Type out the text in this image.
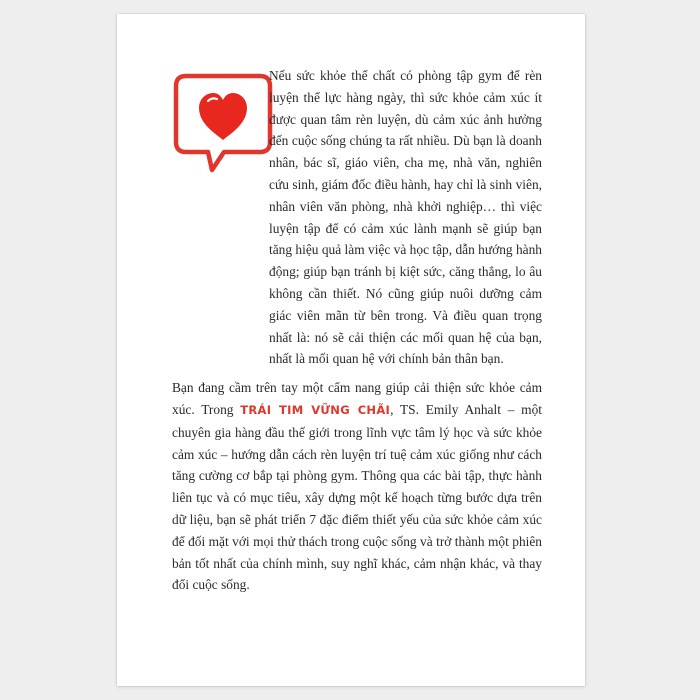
Nếu sức khỏe thể chất có phòng tập gym để rèn luyện thể lực hàng ngày, thì sức khỏe cảm xúc ít được quan tâm rèn luyện, dù cảm xúc ảnh hưởng đến cuộc sống chúng ta rất nhiều. Dù bạn là doanh nhân, bác sĩ, giáo viên, cha mẹ, nhà văn, nghiên cứu sinh, giám đốc điều hành, hay chỉ là sinh viên, nhân viên văn phòng, nhà khởi nghiệp… thì việc luyện tập để có cảm xúc lành mạnh sẽ giúp bạn tăng hiệu quả làm việc và học tập, dẫn hướng hành động; giúp bạn tránh bị kiệt sức, căng thẳng, lo âu không cần thiết. Nó cũng giúp nuôi dưỡng cảm giác viên mãn từ bên trong. Và điều quan trọng nhất là: nó sẽ cải thiện các mối quan hệ của bạn, nhất là mối quan hệ với chính bản thân bạn.

Bạn đang cầm trên tay một cẩm nang giúp cải thiện sức khỏe cảm xúc. Trong TRÁI TIM VỮNG CHÃI, TS. Emily Anhalt – một chuyên gia hàng đầu thế giới trong lĩnh vực tâm lý học và sức khỏe cảm xúc – hướng dẫn cách rèn luyện trí tuệ cảm xúc giống như cách tăng cường cơ bắp tại phòng gym. Thông qua các bài tập, thực hành liên tục và có mục tiêu, xây dựng một kế hoạch từng bước dựa trên dữ liệu, bạn sẽ phát triển 7 đặc điểm thiết yếu của sức khỏe cảm xúc để đối mặt với mọi thử thách trong cuộc sống và trở thành một phiên bản tốt nhất của chính mình, suy nghĩ khác, cảm nhận khác, và thay đổi cuộc sống.
